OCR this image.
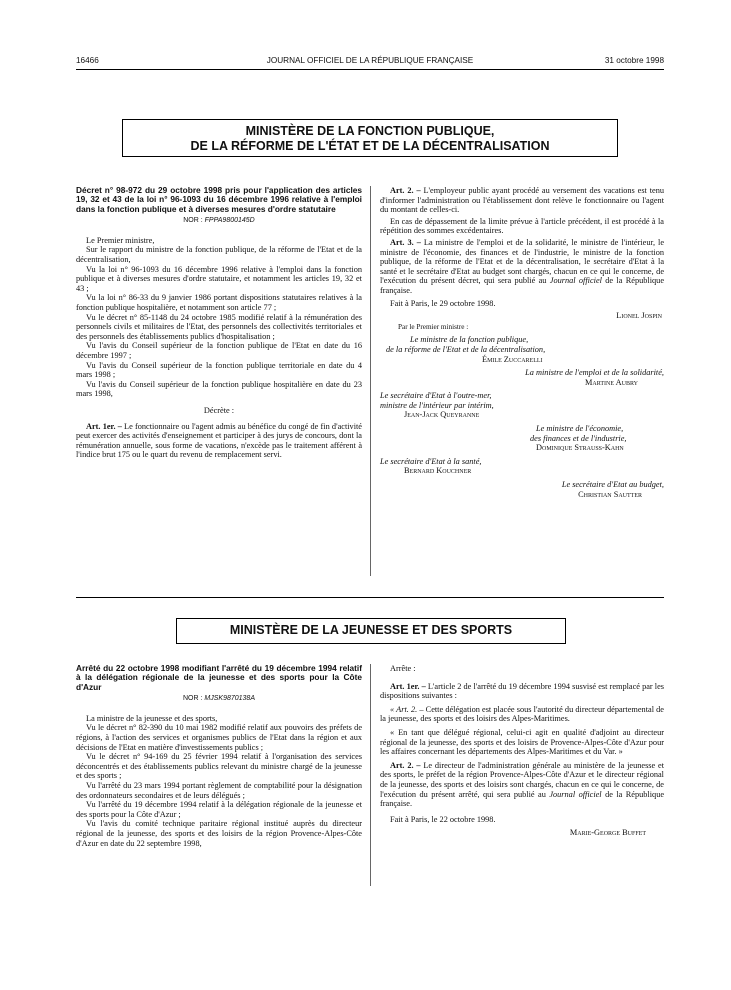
16466	JOURNAL OFFICIEL DE LA RÉPUBLIQUE FRANÇAISE	31 octobre 1998
MINISTÈRE DE LA FONCTION PUBLIQUE,
DE LA RÉFORME DE L'ÉTAT ET DE LA DÉCENTRALISATION
Décret n° 98-972 du 29 octobre 1998 pris pour l'application des articles 19, 32 et 43 de la loi n° 96-1093 du 16 décembre 1996 relative à l'emploi dans la fonction publique et à diverses mesures d'ordre statutaire
NOR : FPPA9800145D

Le Premier ministre,

Sur le rapport du ministre de la fonction publique, de la réforme de l'Etat et de la décentralisation,

Vu la loi n° 96-1093 du 16 décembre 1996 relative à l'emploi dans la fonction publique et à diverses mesures d'ordre statutaire, et notamment les articles 19, 32 et 43 ;

Vu la loi n° 86-33 du 9 janvier 1986 portant dispositions statutaires relatives à la fonction publique hospitalière, et notamment son article 77 ;

Vu le décret n° 85-1148 du 24 octobre 1985 modifié relatif à la rémunération des personnels civils et militaires de l'Etat, des personnels des collectivités territoriales et des personnels des établissements publics d'hospitalisation ;

Vu l'avis du Conseil supérieur de la fonction publique de l'Etat en date du 16 décembre 1997 ;

Vu l'avis du Conseil supérieur de la fonction publique territoriale en date du 4 mars 1998 ;

Vu l'avis du Conseil supérieur de la fonction publique hospitalière en date du 23 mars 1998,

Décrète :

Art. 1er. – Le fonctionnaire ou l'agent admis au bénéfice du congé de fin d'activité peut exercer des activités d'enseignement et participer à des jurys de concours, dont la rémunération annuelle, sous forme de vacations, n'excède pas le traitement afférent à l'indice brut 175 ou le quart du revenu de remplacement servi.

Art. 2. – L'employeur public ayant procédé au versement des vacations est tenu d'informer l'administration ou l'établissement dont relève le fonctionnaire ou l'agent du montant de celles-ci.

En cas de dépassement de la limite prévue à l'article précédent, il est procédé à la répétition des sommes excédentaires.

Art. 3. – La ministre de l'emploi et de la solidarité, le ministre de l'intérieur, le ministre de l'économie, des finances et de l'industrie, le ministre de la fonction publique, de la réforme de l'Etat et de la décentralisation, le secrétaire d'Etat à la santé et le secrétaire d'Etat au budget sont chargés, chacun en ce qui le concerne, de l'exécution du présent décret, qui sera publié au Journal officiel de la République française.

Fait à Paris, le 29 octobre 1998.

Lionel Jospin
Par le Premier ministre :
Le ministre de la fonction publique,
de la réforme de l'Etat et de la décentralisation,
Émile Zuccarelli
La ministre de l'emploi et de la solidarité,
Martine Aubry
Le secrétaire d'Etat à l'outre-mer,
ministre de l'intérieur par intérim,
Jean-Jack Queyranne
Le ministre de l'économie,
des finances et de l'industrie,
Dominique Strauss-Kahn
Le secrétaire d'Etat à la santé,
Bernard Kouchner
Le secrétaire d'Etat au budget,
Christian Sautter
MINISTÈRE DE LA JEUNESSE ET DES SPORTS
Arrêté du 22 octobre 1998 modifiant l'arrêté du 19 décembre 1994 relatif à la délégation régionale de la jeunesse et des sports pour la Côte d'Azur
NOR : MJSK9870138A

La ministre de la jeunesse et des sports,

Vu le décret n° 82-390 du 10 mai 1982 modifié relatif aux pouvoirs des préfets de régions, à l'action des services et organismes publics de l'Etat dans la région et aux décisions de l'Etat en matière d'investissements publics ;

Vu le décret n° 94-169 du 25 février 1994 relatif à l'organisation des services déconcentrés et des établissements publics relevant du ministre chargé de la jeunesse et des sports ;

Vu l'arrêté du 23 mars 1994 portant règlement de comptabilité pour la désignation des ordonnateurs secondaires et de leurs délégués ;

Vu l'arrêté du 19 décembre 1994 relatif à la délégation régionale de la jeunesse et des sports pour la Côte d'Azur ;

Vu l'avis du comité technique paritaire régional institué auprès du directeur régional de la jeunesse, des sports et des loisirs de la région Provence-Alpes-Côte d'Azur en date du 22 septembre 1998,

Arrête :

Art. 1er. – L'article 2 de l'arrêté du 19 décembre 1994 susvisé est remplacé par les dispositions suivantes :

« Art. 2. – Cette délégation est placée sous l'autorité du directeur départemental de la jeunesse, des sports et des loisirs des Alpes-Maritimes.

« En tant que délégué régional, celui-ci agit en qualité d'adjoint au directeur régional de la jeunesse, des sports et des loisirs de Provence-Alpes-Côte d'Azur pour les affaires concernant les départements des Alpes-Maritimes et du Var. »

Art. 2. – Le directeur de l'administration générale au ministère de la jeunesse et des sports, le préfet de la région Provence-Alpes-Côte d'Azur et le directeur régional de la jeunesse, des sports et des loisirs sont chargés, chacun en ce qui le concerne, de l'exécution du présent arrêté, qui sera publié au Journal officiel de la République française.

Fait à Paris, le 22 octobre 1998.

Marie-George Buffet
